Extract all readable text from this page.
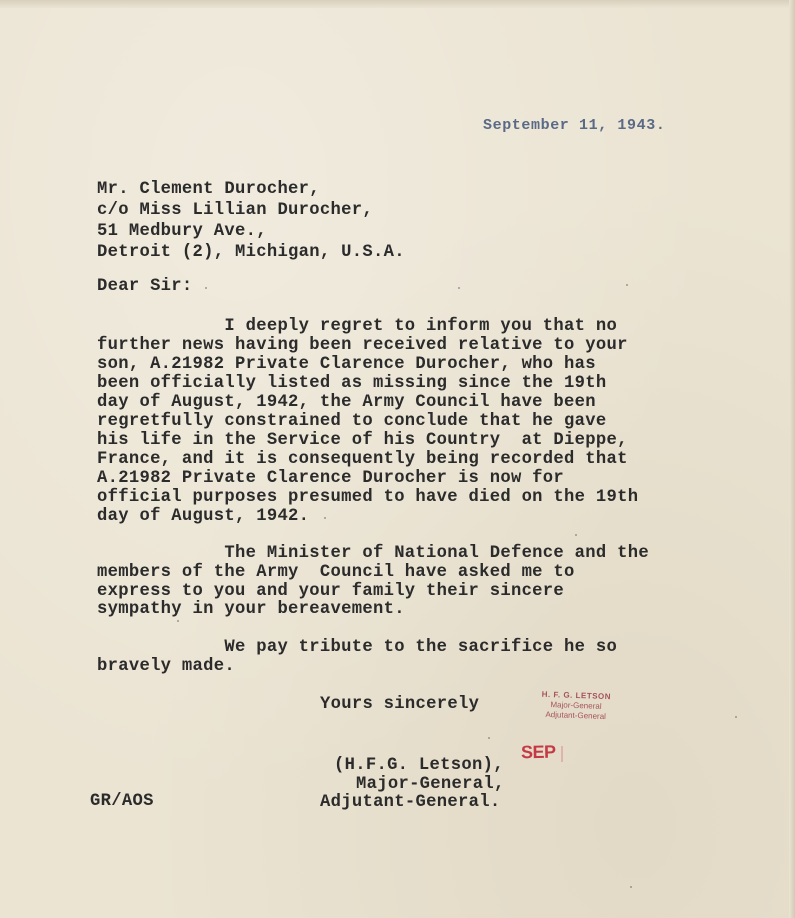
September 11, 1943.
Mr. Clement Durocher,
c/o Miss Lillian Durocher,
51 Medbury Ave.,
Detroit (2), Michigan, U.S.A.
Dear Sir:
I deeply regret to inform you that no
further news having been received relative to your
son, A.21982 Private Clarence Durocher, who has
been officially listed as missing since the 19th
day of August, 1942, the Army Council have been
regretfully constrained to conclude that he gave
his life in the Service of his Country  at Dieppe,
France, and it is consequently being recorded that
A.21982 Private Clarence Durocher is now for
official purposes presumed to have died on the 19th
day of August, 1942.
The Minister of National Defence and the
members of the Army  Council have asked me to
express to you and your family their sincere
sympathy in your bereavement.
We pay tribute to the sacrifice he so
bravely made.
Yours sincerely	H. F. G. LETSON
Major-General
Adjutant-General
SEP
(H.F.G. Letson),
Major-General,
Adjutant-General.
GR/AOS
